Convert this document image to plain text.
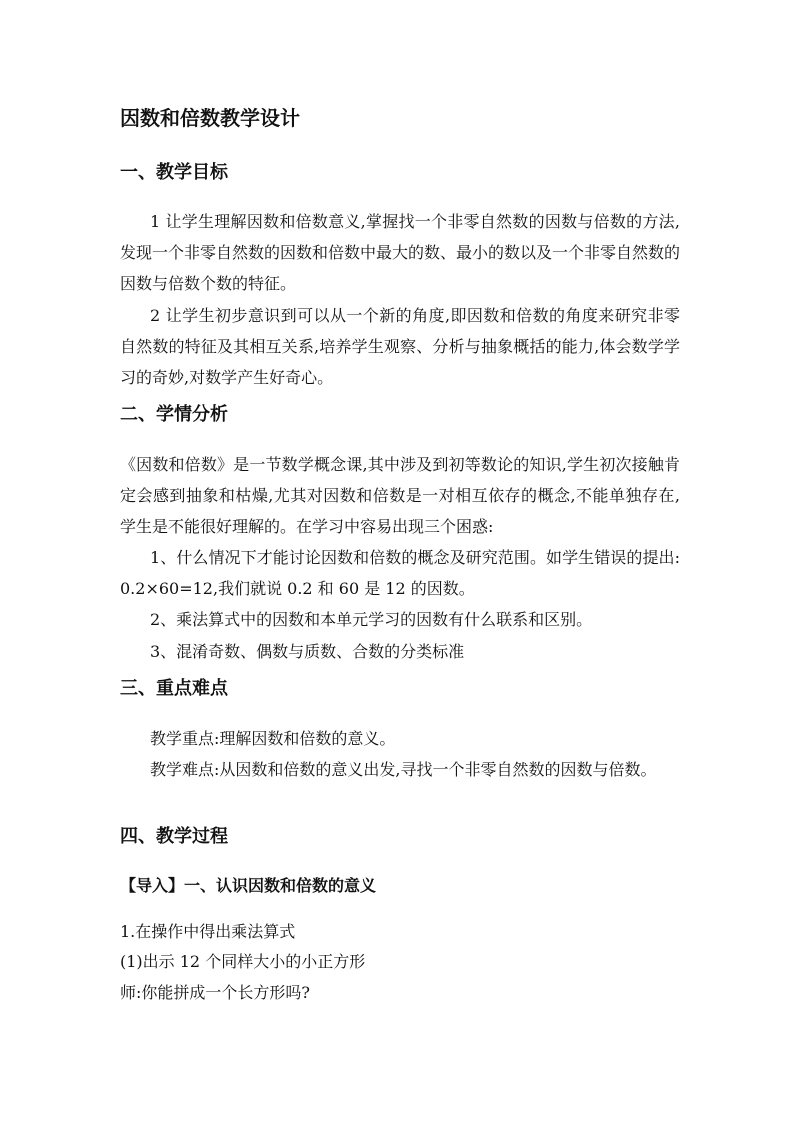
因数和倍数教学设计
一、教学目标
1 让学生理解因数和倍数意义,掌握找一个非零自然数的因数与倍数的方法,
发现一个非零自然数的因数和倍数中最大的数、最小的数以及一个非零自然数的
因数与倍数个数的特征。
2 让学生初步意识到可以从一个新的角度,即因数和倍数的角度来研究非零
自然数的特征及其相互关系,培养学生观察、分析与抽象概括的能力,体会数学学
习的奇妙,对数学产生好奇心。
二、学情分析
《因数和倍数》是一节数学概念课,其中涉及到初等数论的知识,学生初次接触肯
定会感到抽象和枯燥,尤其对因数和倍数是一对相互依存的概念,不能单独存在,
学生是不能很好理解的。在学习中容易出现三个困惑:
1、什么情况下才能讨论因数和倍数的概念及研究范围。如学生错误的提出:
0.2×60=12,我们就说 0.2 和 60 是 12 的因数。
2、乘法算式中的因数和本单元学习的因数有什么联系和区别。
3、混淆奇数、偶数与质数、合数的分类标准
三、重点难点
教学重点:理解因数和倍数的意义。
教学难点:从因数和倍数的意义出发,寻找一个非零自然数的因数与倍数。
四、教学过程
【导入】一、认识因数和倍数的意义
1.在操作中得出乘法算式
(1)出示 12 个同样大小的小正方形
师:你能拼成一个长方形吗?
